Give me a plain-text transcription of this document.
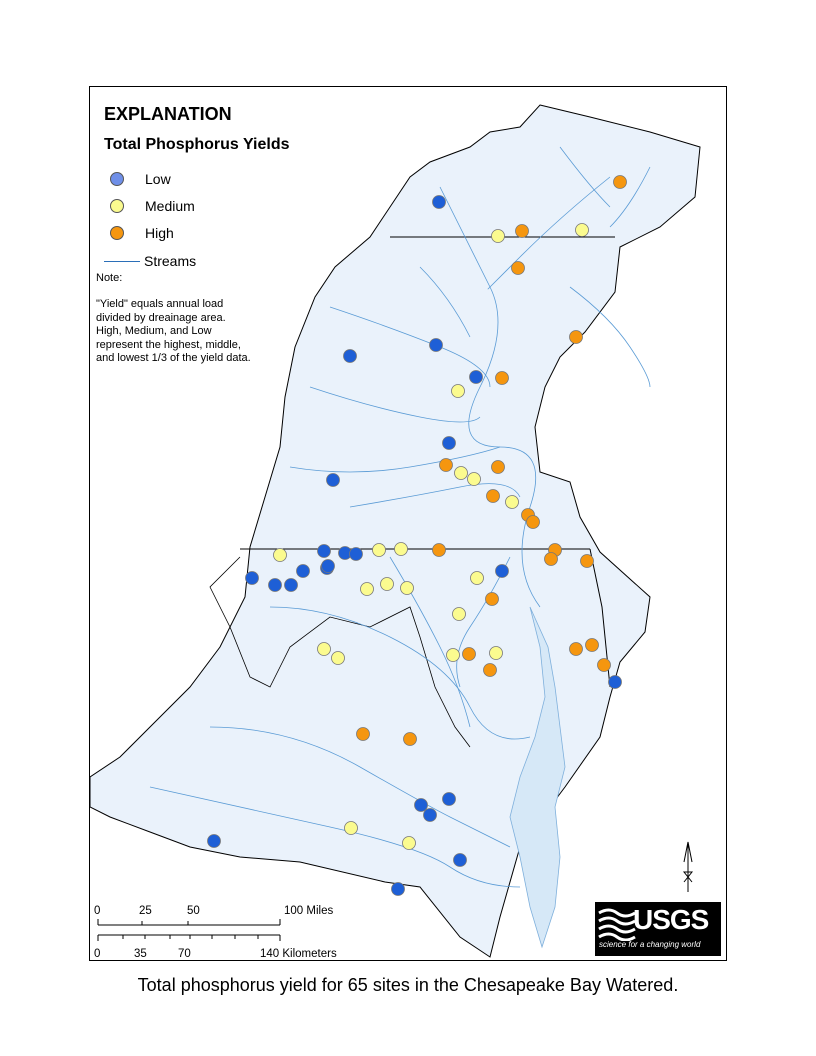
EXPLANATION
Total Phosphorus Yields
Low
Medium
High
Streams
Note:
"Yield" equals annual load
divided by dreainage area.
High, Medium, and Low
represent the highest, middle,
and lowest 1/3 of the yield data.
0	25	50	100 Miles
0	35	70	140 Kilometers
USGS
science for a changing world
Total phosphorus yield for 65 sites in the Chesapeake Bay Watered.
